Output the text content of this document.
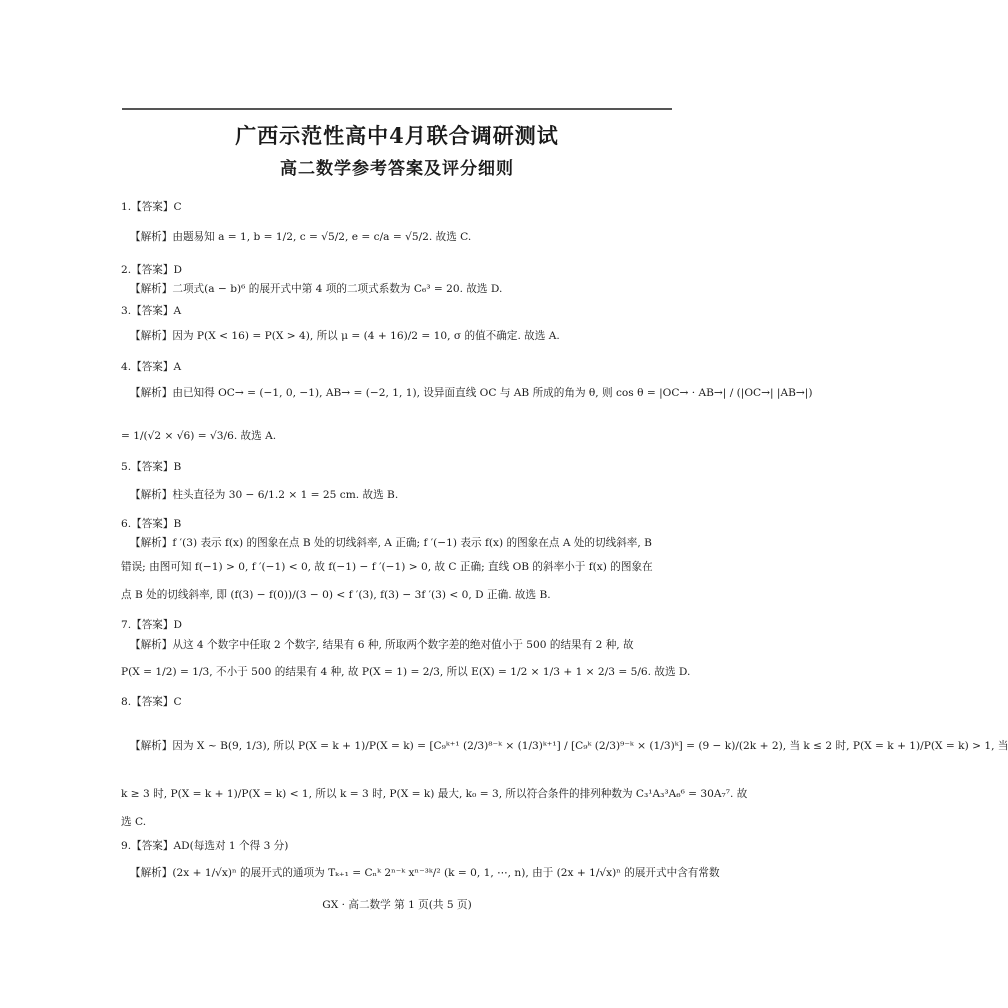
广西示范性高中4月联合调研测试
高二数学参考答案及评分细则
1.【答案】C
【解析】由题易知 a = 1, b = 1/2, c = √5/2, e = c/a = √5/2. 故选 C.
2.【答案】D
【解析】二项式(a − b)⁶ 的展开式中第 4 项的二项式系数为 C₆³ = 20. 故选 D.
3.【答案】A
【解析】因为 P(X < 16) = P(X > 4), 所以 μ = (4 + 16)/2 = 10, σ 的值不确定. 故选 A.
4.【答案】A
【解析】由已知得 OC→ = (−1, 0, −1), AB→ = (−2, 1, 1), 设异面直线 OC 与 AB 所成的角为 θ, 则 cos θ = |OC→ · AB→| / (|OC→| |AB→|)
= 1/(√2 × √6) = √3/6. 故选 A.
5.【答案】B
【解析】柱头直径为 30 − 6/1.2 × 1 = 25 cm. 故选 B.
6.【答案】B
【解析】f ′(3) 表示 f(x) 的图象在点 B 处的切线斜率, A 正确; f ′(−1) 表示 f(x) 的图象在点 A 处的切线斜率, B
错误; 由图可知 f(−1) > 0, f ′(−1) < 0, 故 f(−1) − f ′(−1) > 0, 故 C 正确; 直线 OB 的斜率小于 f(x) 的图象在
点 B 处的切线斜率, 即 (f(3) − f(0))/(3 − 0) < f ′(3), f(3) − 3f ′(3) < 0, D 正确. 故选 B.
7.【答案】D
【解析】从这 4 个数字中任取 2 个数字, 结果有 6 种, 所取两个数字差的绝对值小于 500 的结果有 2 种, 故
P(X = 1/2) = 1/3, 不小于 500 的结果有 4 种, 故 P(X = 1) = 2/3, 所以 E(X) = 1/2 × 1/3 + 1 × 2/3 = 5/6. 故选 D.
8.【答案】C
【解析】因为 X ~ B(9, 1/3), 所以 P(X = k + 1)/P(X = k) = [C₉ᵏ⁺¹ (2/3)⁸⁻ᵏ × (1/3)ᵏ⁺¹] / [C₉ᵏ (2/3)⁹⁻ᵏ × (1/3)ᵏ] = (9 − k)/(2k + 2), 当 k ≤ 2 时, P(X = k + 1)/P(X = k) > 1, 当
k ≥ 3 时, P(X = k + 1)/P(X = k) < 1, 所以 k = 3 时, P(X = k) 最大, k₀ = 3, 所以符合条件的排列种数为 C₃¹A₃³A₆⁶ = 30A₇⁷. 故
选 C.
9.【答案】AD(每选对 1 个得 3 分)
【解析】(2x + 1/√x)ⁿ 的展开式的通项为 Tₖ₊₁ = Cₙᵏ 2ⁿ⁻ᵏ xⁿ⁻³ᵏ/² (k = 0, 1, ⋯, n), 由于 (2x + 1/√x)ⁿ 的展开式中含有常数
GX · 高二数学 第 1 页(共 5 页)
